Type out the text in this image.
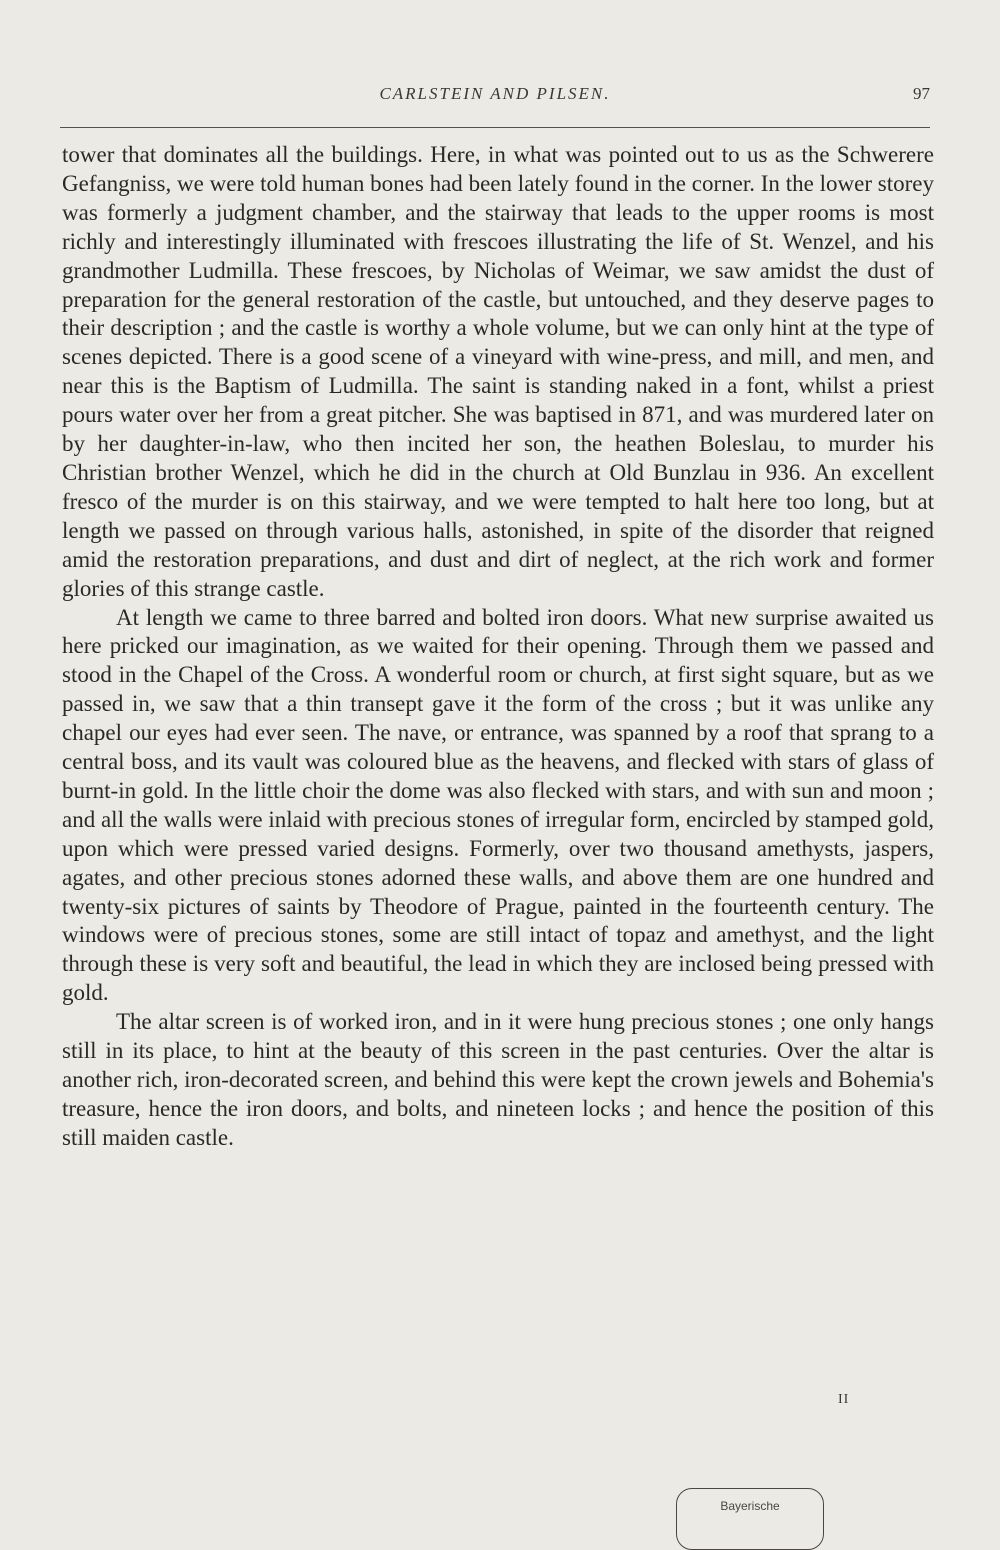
CARLSTEIN AND PILSEN.	97

tower that dominates all the buildings. Here, in what was pointed out to us as the Schwerere Gefangniss, we were told human bones had been lately found in the corner. In the lower storey was formerly a judgment chamber, and the stairway that leads to the upper rooms is most richly and interestingly illuminated with frescoes illustrating the life of St. Wenzel, and his grandmother Ludmilla. These frescoes, by Nicholas of Weimar, we saw amidst the dust of preparation for the general restoration of the castle, but untouched, and they deserve pages to their description ; and the castle is worthy a whole volume, but we can only hint at the type of scenes depicted. There is a good scene of a vineyard with wine-press, and mill, and men, and near this is the Baptism of Ludmilla. The saint is standing naked in a font, whilst a priest pours water over her from a great pitcher. She was baptised in 871, and was murdered later on by her daughter-in-law, who then incited her son, the heathen Boleslau, to murder his Christian brother Wenzel, which he did in the church at Old Bunzlau in 936. An excellent fresco of the murder is on this stairway, and we were tempted to halt here too long, but at length we passed on through various halls, astonished, in spite of the disorder that reigned amid the restoration preparations, and dust and dirt of neglect, at the rich work and former glories of this strange castle.

At length we came to three barred and bolted iron doors. What new surprise awaited us here pricked our imagination, as we waited for their opening. Through them we passed and stood in the Chapel of the Cross. A wonderful room or church, at first sight square, but as we passed in, we saw that a thin transept gave it the form of the cross ; but it was unlike any chapel our eyes had ever seen. The nave, or entrance, was spanned by a roof that sprang to a central boss, and its vault was coloured blue as the heavens, and flecked with stars of glass of burnt-in gold. In the little choir the dome was also flecked with stars, and with sun and moon ; and all the walls were inlaid with precious stones of irregular form, encircled by stamped gold, upon which were pressed varied designs. Formerly, over two thousand amethysts, jaspers, agates, and other precious stones adorned these walls, and above them are one hundred and twenty-six pictures of saints by Theodore of Prague, painted in the fourteenth century. The windows were of precious stones, some are still intact of topaz and amethyst, and the light through these is very soft and beautiful, the lead in which they are inclosed being pressed with gold.

The altar screen is of worked iron, and in it were hung precious stones ; one only hangs still in its place, to hint at the beauty of this screen in the past centuries. Over the altar is another rich, iron-decorated screen, and behind this were kept the crown jewels and Bohemia's treasure, hence the iron doors, and bolts, and nineteen locks ; and hence the position of this still maiden castle.

II
Bayerische
